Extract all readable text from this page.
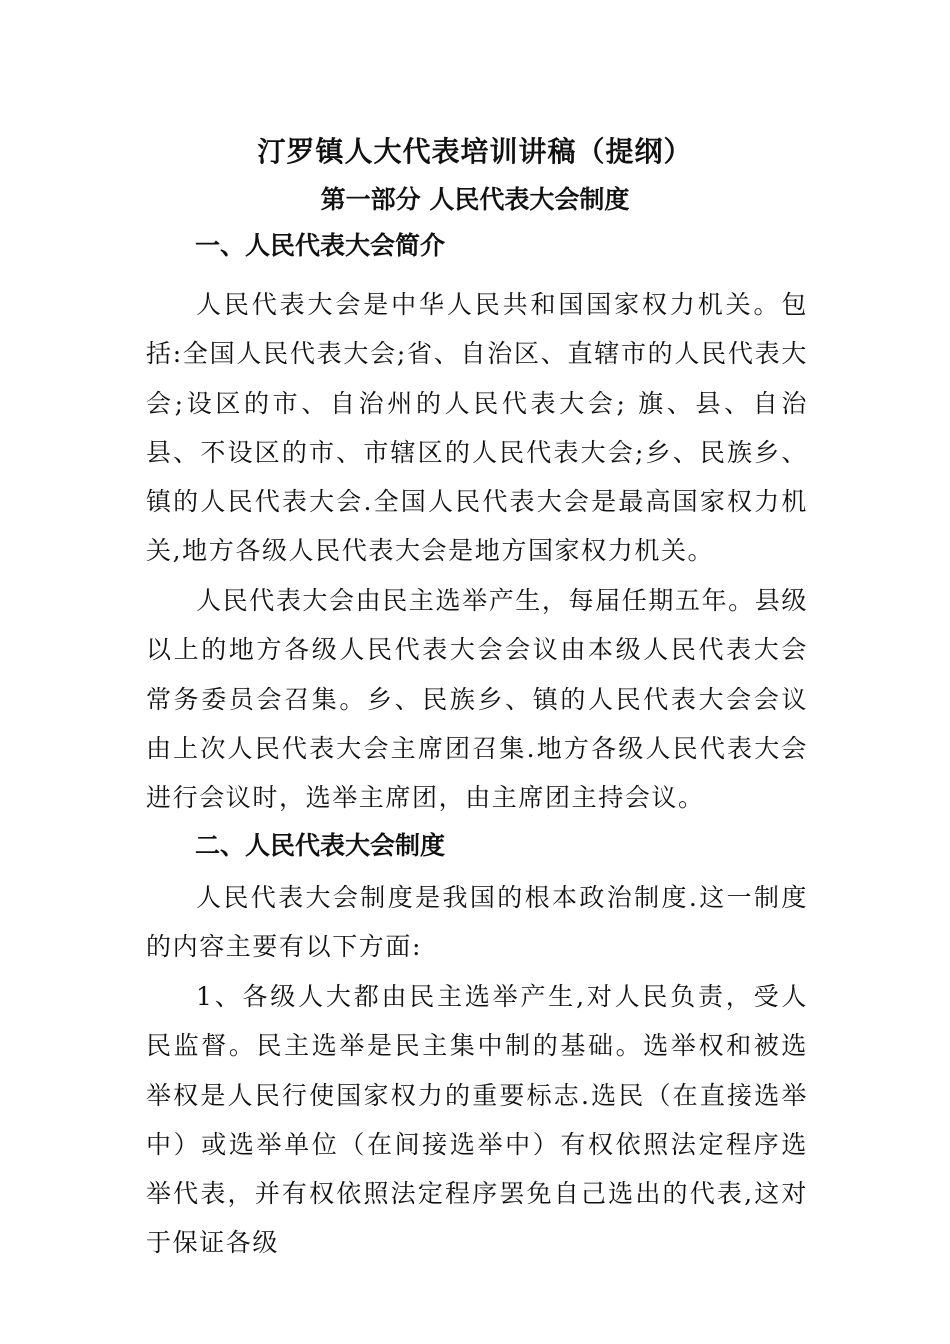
汀罗镇人大代表培训讲稿（提纲）
第一部分 人民代表大会制度
一、人民代表大会简介

人民代表大会是中华人民共和国国家权力机关。包括:全国人民代表大会;省、自治区、直辖市的人民代表大会;设区的市、自治州的人民代表大会; 旗、县、自治县、不设区的市、市辖区的人民代表大会;乡、民族乡、镇的人民代表大会.全国人民代表大会是最高国家权力机关,地方各级人民代表大会是地方国家权力机关。

人民代表大会由民主选举产生，每届任期五年。县级以上的地方各级人民代表大会会议由本级人民代表大会常务委员会召集。乡、民族乡、镇的人民代表大会会议由上次人民代表大会主席团召集.地方各级人民代表大会进行会议时，选举主席团，由主席团主持会议。

二、人民代表大会制度

人民代表大会制度是我国的根本政治制度.这一制度的内容主要有以下方面:

1、各级人大都由民主选举产生,对人民负责，受人民监督。民主选举是民主集中制的基础。选举权和被选举权是人民行使国家权力的重要标志.选民（在直接选举中）或选举单位（在间接选举中）有权依照法定程序选举代表，并有权依照法定程序罢免自己选出的代表,这对于保证各级
